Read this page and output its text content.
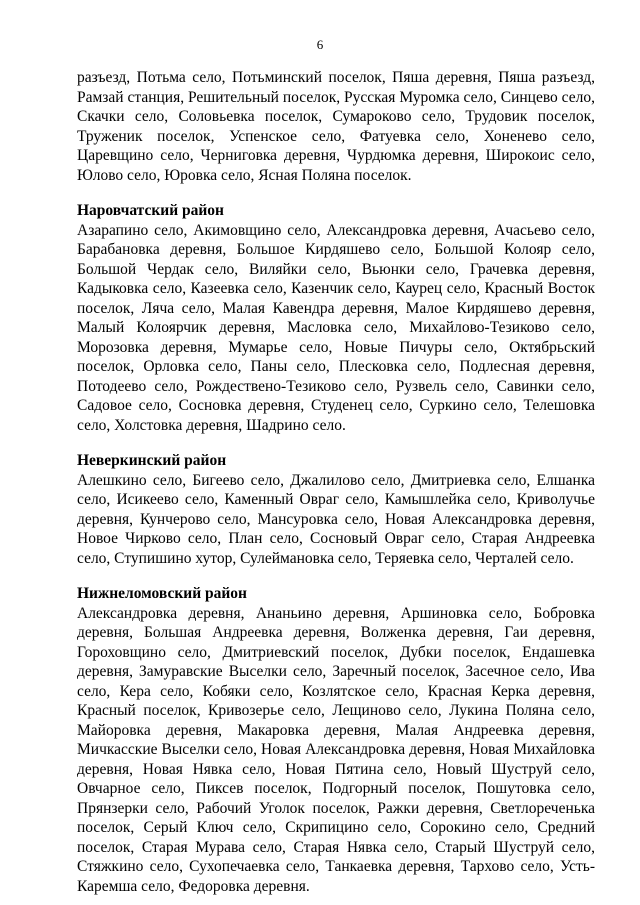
6

разъезд, Потьма село, Потьминский поселок, Пяша деревня, Пяша разъезд, Рамзай станция, Решительный поселок, Русская Муромка село, Синцево село, Скачки село, Соловьевка поселок, Сумароково село, Трудовик поселок, Труженик поселок, Успенское село, Фатуевка село, Хоненево село, Царевщино село, Черниговка деревня, Чурдюмка деревня, Широкоис село, Юлово село, Юровка село, Ясная Поляна поселок.

Наровчатский район

Азарапино село, Акимовщино село, Александровка деревня, Ачасьево село, Барабановка деревня, Большое Кирдяшево село, Большой Колояр село, Большой Чердак село, Виляйки село, Вьюнки село, Грачевка деревня, Кадыковка село, Казеевка село, Казенчик село, Каурец село, Красный Восток поселок, Ляча село, Малая Кавендра деревня, Малое Кирдяшево деревня, Малый Колоярчик деревня, Масловка село, Михайлово-Тезиково село, Морозовка деревня, Мумарье село, Новые Пичуры село, Октябрьский поселок, Орловка село, Паны село, Плесковка село, Подлесная деревня, Потодеево село, Рождествено-Тезиково село, Рузвель село, Савинки село, Садовое село, Сосновка деревня, Студенец село, Суркино село, Телешовка село, Холстовка деревня, Шадрино село.

Неверкинский район

Алешкино село, Бигеево село, Джалилово село, Дмитриевка село, Елшанка село, Исикеево село, Каменный Овраг село, Камышлейка село, Криволучье деревня, Кунчерово село, Мансуровка село, Новая Александровка деревня, Новое Чирково село, План село, Сосновый Овраг село, Старая Андреевка село, Ступишино хутор, Сулеймановка село, Теряевка село, Черталей село.

Нижнеломовский район

Александровка деревня, Ананьино деревня, Аршиновка село, Бобровка деревня, Большая Андреевка деревня, Волженка деревня, Гаи деревня, Гороховщино село, Дмитриевский поселок, Дубки поселок, Ендашевка деревня, Замуравские Выселки село, Заречный поселок, Засечное село, Ива село, Кера село, Кобяки село, Козлятское село, Красная Керка деревня, Красный поселок, Кривозерье село, Лещиново село, Лукина Поляна село, Майоровка деревня, Макаровка деревня, Малая Андреевка деревня, Мичкасские Выселки село, Новая Александровка деревня, Новая Михайловка деревня, Новая Нявка село, Новая Пятина село, Новый Шуструй село, Овчарное село, Пиксев поселок, Подгорный поселок, Пошутовка село, Прянзерки село, Рабочий Уголок поселок, Ражки деревня, Светлореченька поселок, Серый Ключ село, Скрипицино село, Сорокино село, Средний поселок, Старая Мурава село, Старая Нявка село, Старый Шуструй село, Стяжкино село, Сухопечаевка село, Танкаевка деревня, Тархово село, Усть-Каремша село, Федоровка деревня.
